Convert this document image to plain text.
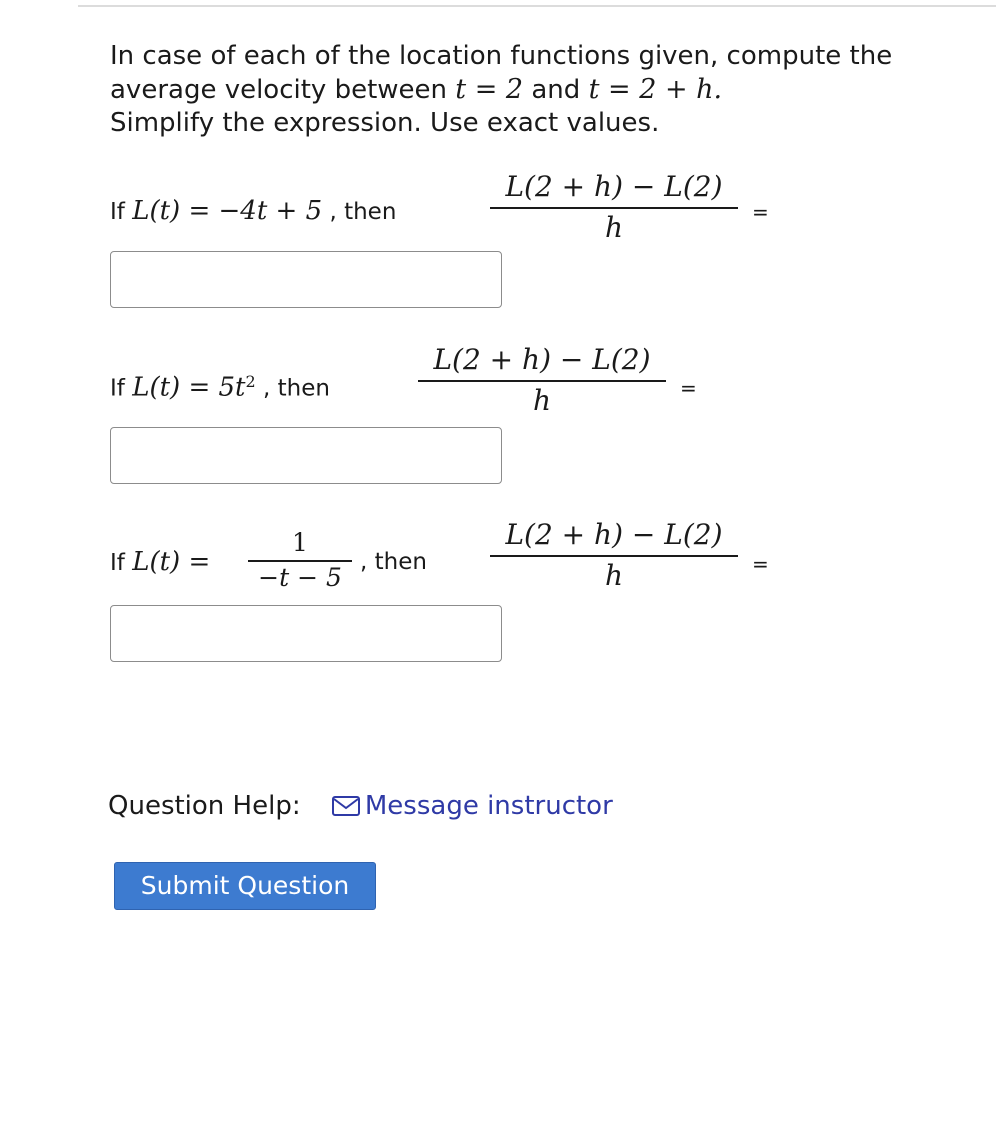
In case of each of the location functions given, compute the
average velocity between t = 2 and t = 2 + h.
Simplify the expression. Use exact values.
If L(t) = −4t + 5 , then
L(2 + h) − L(2)
h	=
If $L(t) = 5t^2$ , then
L(2 + h) − L(2)
h	=
If L(t) =
1
−t − 5
, then
L(2 + h) − L(2)
h	=
Question Help: Message instructor
Submit Question
